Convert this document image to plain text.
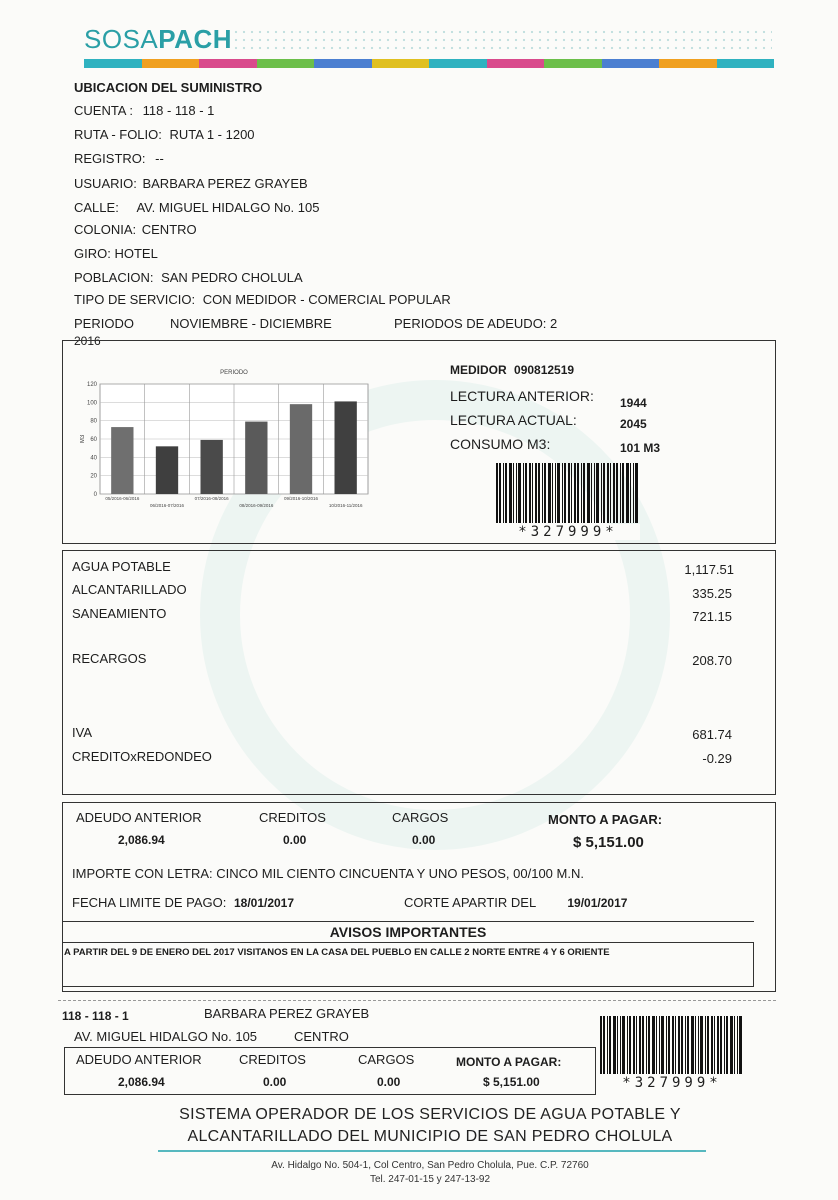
SOSAPACH
UBICACION DEL SUMINISTRO
CUENTA : 118 - 118 - 1
RUTA - FOLIO: RUTA 1 - 1200
REGISTRO: --
USUARIO: BARBARA PEREZ GRAYEB
CALLE: AV. MIGUEL HIDALGO No. 105
COLONIA: CENTRO
GIRO: HOTEL
POBLACION: SAN PEDRO CHOLULA
TIPO DE SERVICIO: CON MEDIDOR - COMERCIAL POPULAR
PERIODO	NOVIEMBRE - DICIEMBRE	PERIODOS DE ADEUDO: 2
2016
PERIODO
M3
0
20
40
60
80
100
120
05/2016-06/2016
06/2016-07/2016
07/2016-08/2016
08/2016-09/2016
09/2016-10/2016
10/2016-11/2016
MEDIDOR 090812519
LECTURA ANTERIOR: 1944
LECTURA ACTUAL:	2045
CONSUMO M3:	101 M3
*327999*
AGUA POTABLE	1,117.51
ALCANTARILLADO	335.25
SANEAMIENTO	721.15
RECARGOS	208.70
IVA	681.74
CREDITOxREDONDEO	-0.29
ADEUDO ANTERIOR
2,086.94
CREDITOS
0.00
CARGOS
0.00
MONTO A PAGAR:
$ 5,151.00
IMPORTE CON LETRA: CINCO MIL CIENTO CINCUENTA Y UNO PESOS, 00/100 M.N.
FECHA LIMITE DE PAGO: 18/01/2017	CORTE APARTIR DEL	19/01/2017
AVISOS IMPORTANTES
A PARTIR DEL 9 DE ENERO DEL 2017 VISITANOS EN LA CASA DEL PUEBLO EN CALLE 2 NORTE ENTRE 4 Y 6 ORIENTE
118 - 118 - 1	BARBARA PEREZ GRAYEB
AV. MIGUEL HIDALGO No. 105	CENTRO
ADEUDO ANTERIOR
2,086.94
CREDITOS
0.00
CARGOS
0.00
MONTO A PAGAR:
$ 5,151.00	*327999*
SISTEMA OPERADOR DE LOS SERVICIOS DE AGUA POTABLE Y
ALCANTARILLADO DEL MUNICIPIO DE SAN PEDRO CHOLULA
Av. Hidalgo No. 504-1, Col Centro, San Pedro Cholula, Pue. C.P. 72760
Tel. 247-01-15 y 247-13-92
